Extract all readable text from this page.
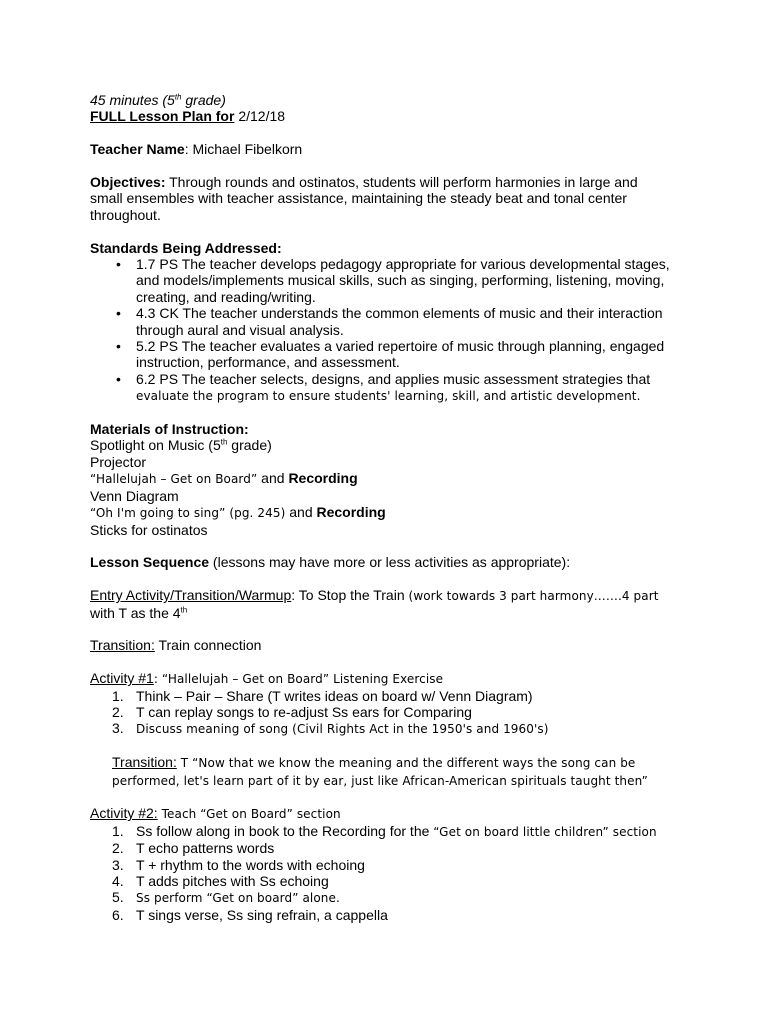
45 minutes (5th grade)

FULL Lesson Plan for 2/12/18

Teacher Name: Michael Fibelkorn

Objectives: Through rounds and ostinatos, students will perform harmonies in large and small ensembles with teacher assistance, maintaining the steady beat and tonal center throughout.

Standards Being Addressed:

• 1.7 PS The teacher develops pedagogy appropriate for various developmental stages, and models/implements musical skills, such as singing, performing, listening, moving, creating, and reading/writing.
• 4.3 CK The teacher understands the common elements of music and their interaction through aural and visual analysis.
• 5.2 PS The teacher evaluates a varied repertoire of music through planning, engaged instruction, performance, and assessment.
• 6.2 PS The teacher selects, designs, and applies music assessment strategies that
evaluate the program to ensure students' learning, skill, and artistic development.

Materials of Instruction:

Spotlight on Music (5th grade)

Projector

“Hallelujah – Get on Board” and Recording

Venn Diagram

“Oh I'm going to sing” (pg. 245) and Recording

Sticks for ostinatos

Lesson Sequence (lessons may have more or less activities as appropriate):

Entry Activity/Transition/Warmup: To Stop the Train (work towards 3 part harmony…….4 part

with T as the 4th

Transition: Train connection

Activity #1: “Hallelujah – Get on Board” Listening Exercise

1. Think – Pair – Share (T writes ideas on board w/ Venn Diagram)
2. T can replay songs to re-adjust Ss ears for Comparing
3. Discuss meaning of song (Civil Rights Act in the 1950's and 1960's)

Transition: T “Now that we know the meaning and the different ways the song can be performed, let's learn part of it by ear, just like African-American spirituals taught then”

Activity #2: Teach “Get on Board” section

1. Ss follow along in book to the Recording for the “Get on board little children” section
2. T echo patterns words
3. T + rhythm to the words with echoing
4. T adds pitches with Ss echoing
5. Ss perform “Get on board” alone.
6. T sings verse, Ss sing refrain, a cappella
